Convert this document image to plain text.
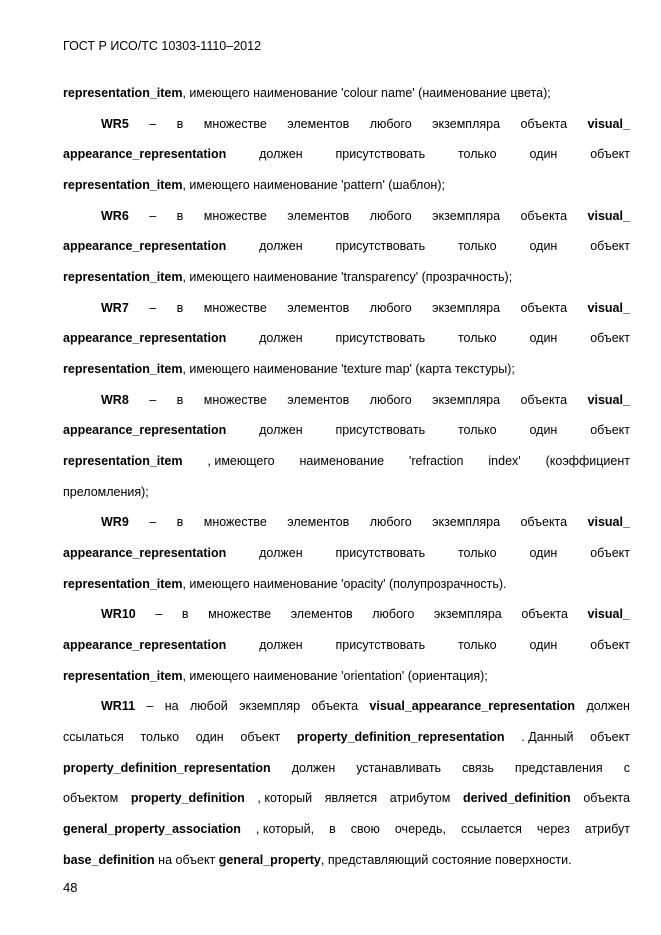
ГОСТ Р ИСО/ТС 10303-1110–2012
representation_item, имеющего наименование 'colour name' (наименование цвета);
WR5 – в множестве элементов любого экземпляра объекта visual_
appearance_representation	должен	присутствовать	только	один	объект
representation_item, имеющего наименование 'pattern' (шаблон);
WR6 – в множестве элементов любого экземпляра объекта visual_
appearance_representation	должен	присутствовать	только	один	объект
representation_item, имеющего наименование 'transparency' (прозрачность);
WR7 – в множестве элементов любого экземпляра объекта visual_
appearance_representation	должен	присутствовать	только	один	объект
representation_item, имеющего наименование 'texture map' (карта текстуры);
WR8 – в множестве элементов любого экземпляра объекта visual_
appearance_representation	должен	присутствовать	только	один	объект
representation_item , имеющего наименование 'refraction index' (коэффициент
преломления);
WR9 – в множестве элементов любого экземпляра объекта visual_
appearance_representation	должен	присутствовать	только	один	объект
representation_item, имеющего наименование 'opacity' (полупрозрачность).
WR10 – в множестве элементов любого экземпляра объекта visual_
appearance_representation	должен	присутствовать	только	один	объект
representation_item, имеющего наименование 'orientation' (ориентация);
WR11 – на любой экземпляр объекта visual_appearance_representation должен
ссылаться только один объект property_definition_representation . Данный объект
property_definition_representation должен устанавливать связь представления с
объектом property_definition , который является атрибутом derived_definition объекта
general_property_association , который, в свою очередь, ссылается через атрибут
base_definition на объект general_property, представляющий состояние поверхности.
48
